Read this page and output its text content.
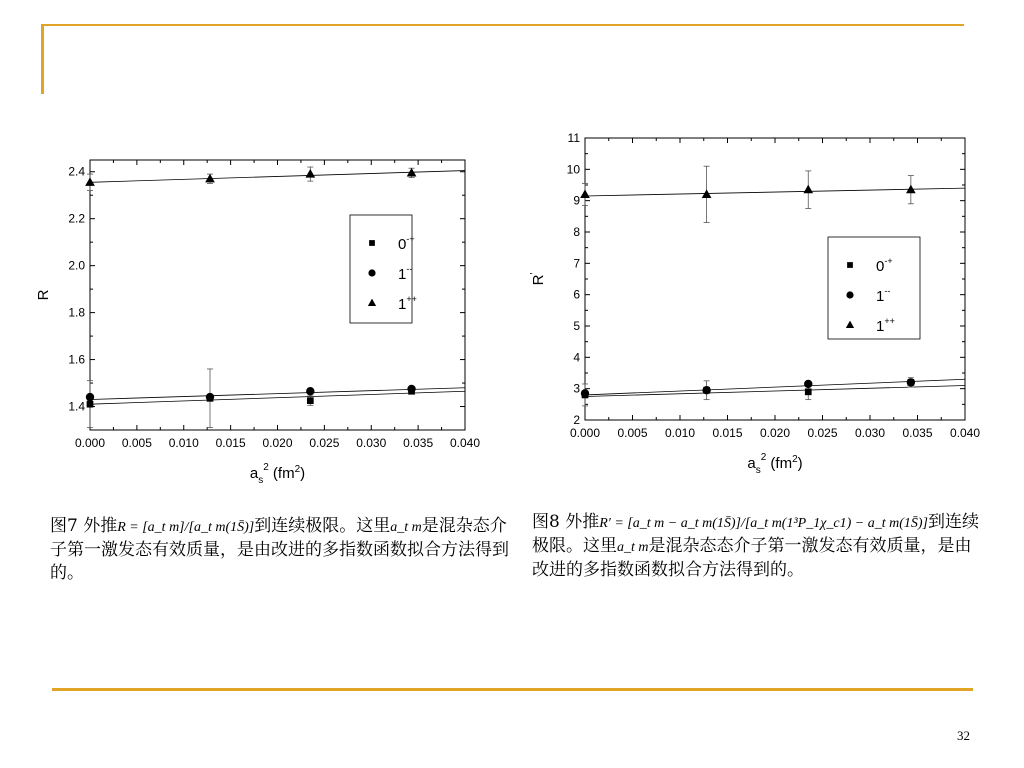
0.000 0.005 0.010 0.015 0.020 0.025 0.030 0.035 0.040
1.4
1.6
1.8
2.0
2.2
2.4
R
$a_s^2$ $(fm^2)$
0-+
1--
1++
0.000 0.005 0.010 0.015 0.020 0.025 0.030 0.035 0.040
2
3
4
5
6
7
8
9
10
11
R'
$a_s^2$ $(fm^2)$
0-+
1--
1++
图7 外推R = [a_t m]/[a_t m(1S̄)]到连续极限。这里a_t m是混杂态介子第一激发态有效质量，是由改进的多指数函数拟合方法得到的。
图8 外推R′ = [a_t m − a_t m(1S̄)]/[a_t m(1³P_1χ_c1) − a_t m(1S̄)]到连续极限。这里a_t m是混杂态态介子第一激发态有效质量，是由改进的多指数函数拟合方法得到的。
32
